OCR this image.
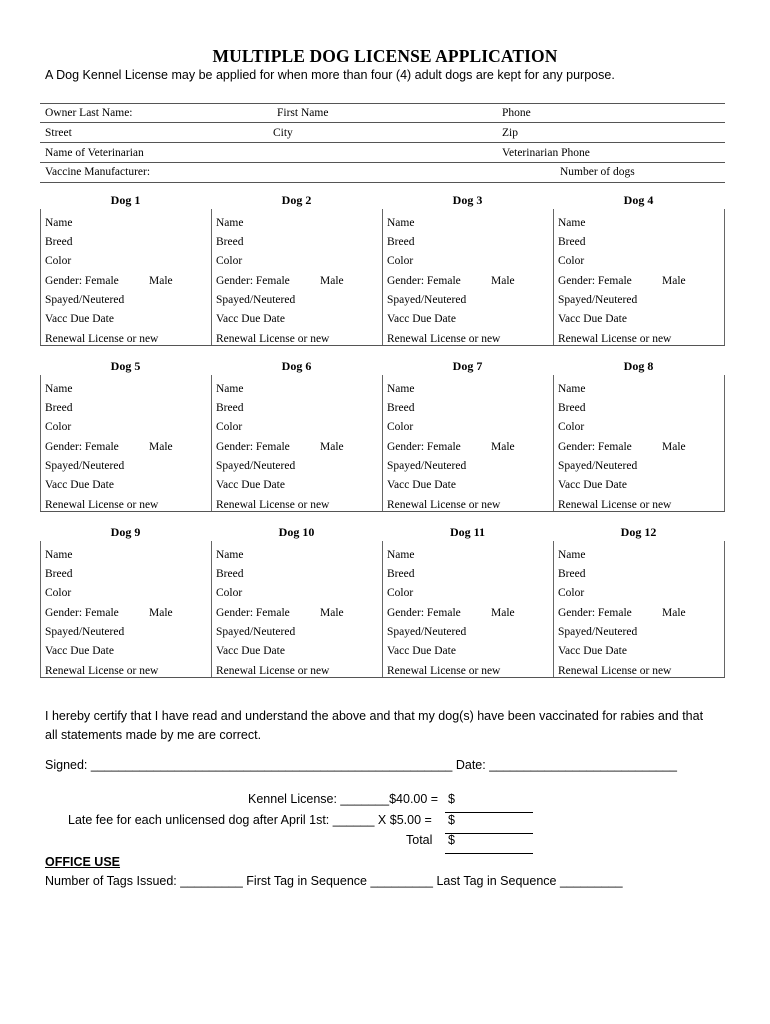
MULTIPLE DOG LICENSE APPLICATION
A Dog Kennel License may be applied for when more than four (4) adult dogs are kept for any purpose.
Owner Last Name:	First Name	Phone
Street	City	Zip
Name of Veterinarian	Veterinarian Phone
Vaccine Manufacturer:	Number of dogs
Dog 1
Name
Breed
Color
Gender: Female	Male
Spayed/Neutered
Vacc Due Date
Renewal License or new
Dog 2
Name
Breed
Color
Gender: Female	Male
Spayed/Neutered
Vacc Due Date
Renewal License or new
Dog 3
Name
Breed
Color
Gender: Female	Male
Spayed/Neutered
Vacc Due Date
Renewal License or new
Dog 4
Name
Breed
Color
Gender: Female	Male
Spayed/Neutered
Vacc Due Date
Renewal License or new
Dog 5
Name
Breed
Color
Gender: Female	Male
Spayed/Neutered
Vacc Due Date
Renewal License or new
Dog 6
Name
Breed
Color
Gender: Female	Male
Spayed/Neutered
Vacc Due Date
Renewal License or new
Dog 7
Name
Breed
Color
Gender: Female	Male
Spayed/Neutered
Vacc Due Date
Renewal License or new
Dog 8
Name
Breed
Color
Gender: Female	Male
Spayed/Neutered
Vacc Due Date
Renewal License or new
Dog 9
Name
Breed
Color
Gender: Female	Male
Spayed/Neutered
Vacc Due Date
Renewal License or new
Dog 10
Name
Breed
Color
Gender: Female	Male
Spayed/Neutered
Vacc Due Date
Renewal License or new
Dog 11
Name
Breed
Color
Gender: Female	Male
Spayed/Neutered
Vacc Due Date
Renewal License or new
Dog 12
Name
Breed
Color
Gender: Female	Male
Spayed/Neutered
Vacc Due Date
Renewal License or new
I hereby certify that I have read and understand the above and that my dog(s) have been vaccinated for rabies and that
all statements made by me are correct.
Signed: ____________________________________________________ Date: ___________________________
Kennel License: _______$40.00 = $
Late fee for each unlicensed dog after April 1st: ______ X $5.00 = $
Total $
OFFICE USE
Number of Tags Issued: _________ First Tag in Sequence _________ Last Tag in Sequence _________
